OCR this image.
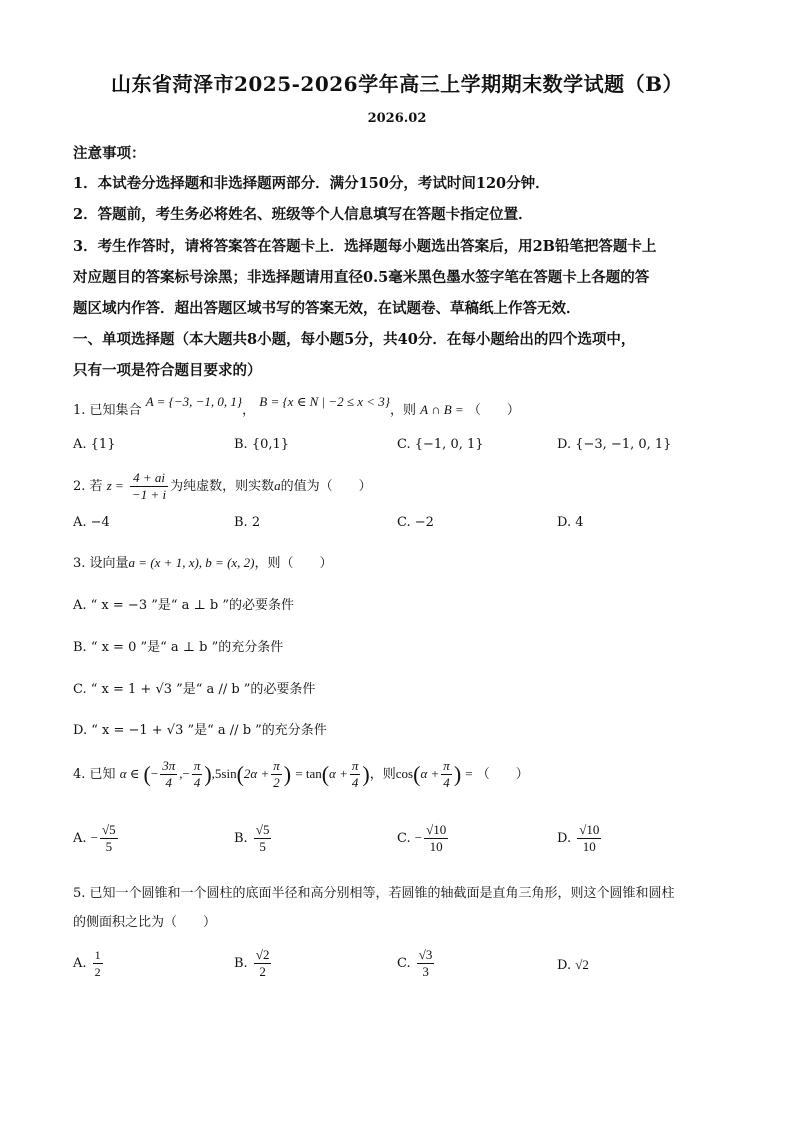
山东省菏泽市2025-2026学年高三上学期期末数学试题（B）
2026.02
注意事项：
1．本试卷分选择题和非选择题两部分．满分150分，考试时间120分钟．
2．答题前，考生务必将姓名、班级等个人信息填写在答题卡指定位置．
3．考生作答时，请将答案答在答题卡上．选择题每小题选出答案后，用2B铅笔把答题卡上
对应题目的答案标号涂黑；非选择题请用直径0.5毫米黑色墨水签字笔在答题卡上各题的答
题区域内作答．超出答题区域书写的答案无效，在试题卷、草稿纸上作答无效．
一、单项选择题（本大题共8小题，每小题5分，共40分．在每小题给出的四个选项中，
只有一项是符合题目要求的）
1. 已知集合 A = {−3, −1, 0, 1}， B = {x ∈ N | −2 ≤ x < 3}，则 A ∩ B = （　　）
A. {1}	B. {0,1}	C. {−1, 0, 1}	D. {−3, −1, 0, 1}
2. 若 $z = \frac{4 + ai}{-1 + i}$ 为纯虚数，则实数a的值为（　　）
A. −4	B. 2	C. −2	D. 4
3. 设向量a = (x + 1, x), b = (x, 2)，则（　　）
A. “ x = −3 ”是“ a ⊥ b ”的必要条件
B. “ x = 0 ”是“ a ⊥ b ”的充分条件
C. “ x = 1 + √3 ”是“ a // b ”的必要条件
D. “ x = −1 + √3 ”是“ a // b ”的充分条件
4. 已知 α ∈ (− $\frac{3\pi}{4}$ ,− $\frac{\pi}{4} ),5\sin(2\alpha + \frac{\pi}{2}$ ) = $\tan(\alpha + \frac{\pi}{4}$ )，则$\cos(\alpha + \frac{\pi}{4}$ ) = （　　）
A. − $\frac{√5}{5}$	B. $\frac{√5}{5}$	C. − $\frac{√10}{10}$	D. $\frac{√10}{10}$
5. 已知一个圆锥和一个圆柱的底面半径和高分别相等，若圆锥的轴截面是直角三角形，则这个圆锥和圆柱
的侧面积之比为（　　）
A. $\frac{1}{2}$	B. $\frac{√2}{2}$	C. $\frac{√3}{3}$	D. √2
